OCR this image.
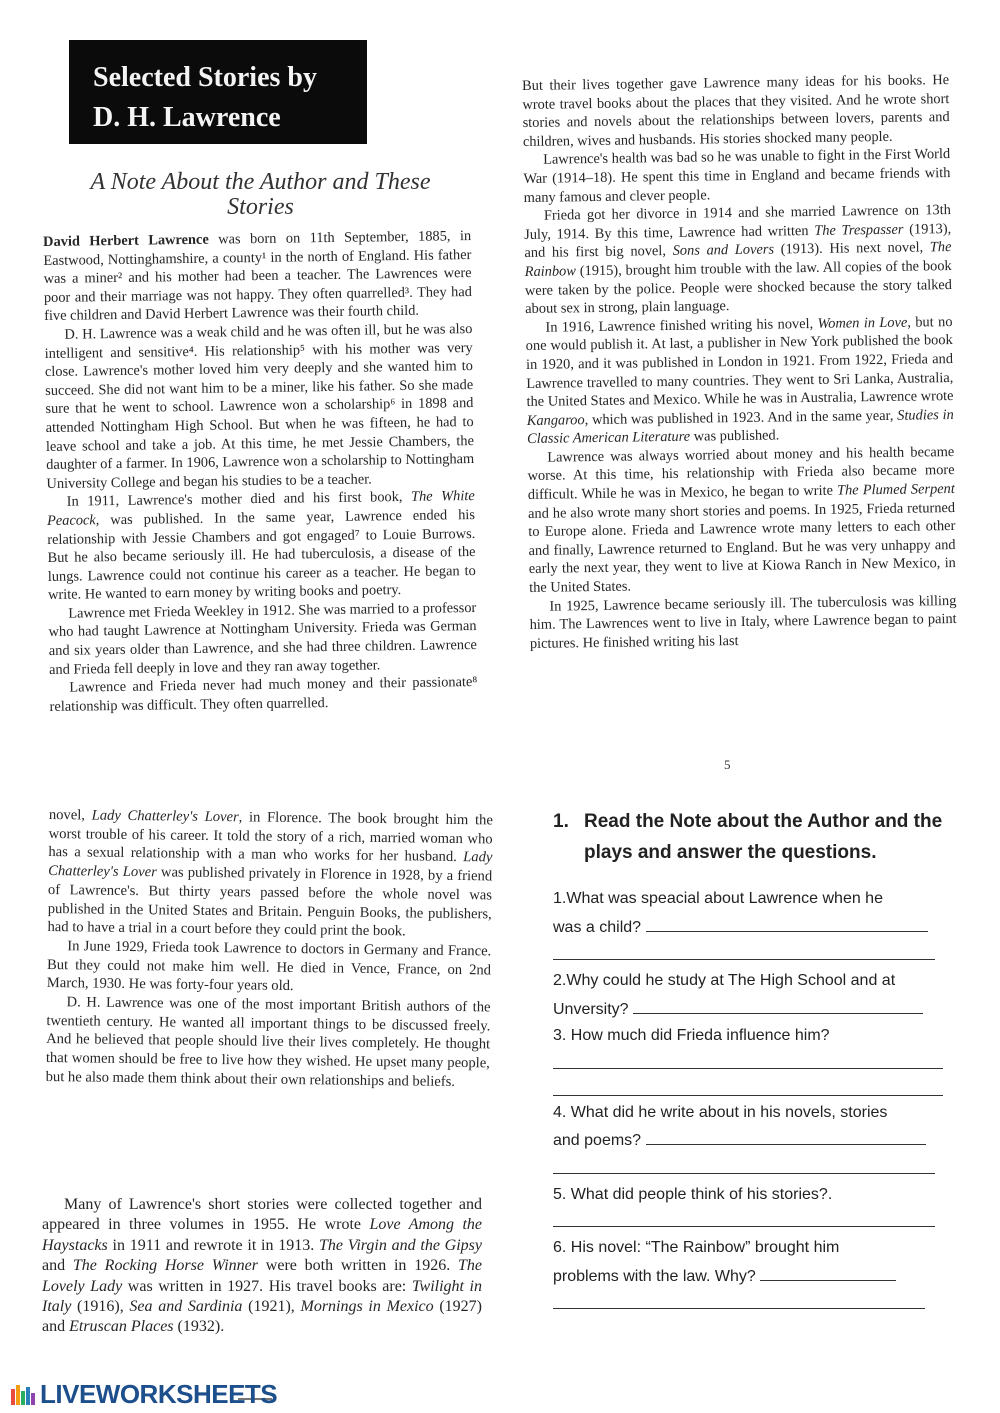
Selected Stories by
D. H. Lawrence
A Note About the Author and These
Stories

David Herbert Lawrence was born on 11th September, 1885, in Eastwood, Nottinghamshire, a county¹ in the north of England. His father was a miner² and his mother had been a teacher. The Lawrences were poor and their marriage was not happy. They often quarrelled³. They had five children and David Herbert Lawrence was their fourth child.

D. H. Lawrence was a weak child and he was often ill, but he was also intelligent and sensitive⁴. His relationship⁵ with his mother was very close. Lawrence's mother loved him very deeply and she wanted him to succeed. She did not want him to be a miner, like his father. So she made sure that he went to school. Lawrence won a scholarship⁶ in 1898 and attended Nottingham High School. But when he was fifteen, he had to leave school and take a job. At this time, he met Jessie Chambers, the daughter of a farmer. In 1906, Lawrence won a scholarship to Nottingham University College and began his studies to be a teacher.

In 1911, Lawrence's mother died and his first book, The White Peacock, was published. In the same year, Lawrence ended his relationship with Jessie Chambers and got engaged⁷ to Louie Burrows. But he also became seriously ill. He had tuberculosis, a disease of the lungs. Lawrence could not continue his career as a teacher. He began to write. He wanted to earn money by writing books and poetry.

Lawrence met Frieda Weekley in 1912. She was married to a professor who had taught Lawrence at Nottingham University. Frieda was German and six years older than Lawrence, and she had three children. Lawrence and Frieda fell deeply in love and they ran away together.

Lawrence and Frieda never had much money and their passionate⁸ relationship was difficult. They often quarrelled.

But their lives together gave Lawrence many ideas for his books. He wrote travel books about the places that they visited. And he wrote short stories and novels about the relationships between lovers, parents and children, wives and husbands. His stories shocked many people.

Lawrence's health was bad so he was unable to fight in the First World War (1914–18). He spent this time in England and became friends with many famous and clever people.

Frieda got her divorce in 1914 and she married Lawrence on 13th July, 1914. By this time, Lawrence had written The Trespasser (1913), and his first big novel, Sons and Lovers (1913). His next novel, The Rainbow (1915), brought him trouble with the law. All copies of the book were taken by the police. People were shocked because the story talked about sex in strong, plain language.

In 1916, Lawrence finished writing his novel, Women in Love, but no one would publish it. At last, a publisher in New York published the book in 1920, and it was published in London in 1921. From 1922, Frieda and Lawrence travelled to many countries. They went to Sri Lanka, Australia, the United States and Mexico. While he was in Australia, Lawrence wrote Kangaroo, which was published in 1923. And in the same year, Studies in Classic American Literature was published.

Lawrence was always worried about money and his health became worse. At this time, his relationship with Frieda also became more difficult. While he was in Mexico, he began to write The Plumed Serpent and he also wrote many short stories and poems. In 1925, Frieda returned to Europe alone. Frieda and Lawrence wrote many letters to each other and finally, Lawrence returned to England. But he was very unhappy and early the next year, they went to live at Kiowa Ranch in New Mexico, in the United States.

In 1925, Lawrence became seriously ill. The tuberculosis was killing him. The Lawrences went to live in Italy, where Lawrence began to paint pictures. He finished writing his last

5

novel, Lady Chatterley's Lover, in Florence. The book brought him the worst trouble of his career. It told the story of a rich, married woman who has a sexual relationship with a man who works for her husband. Lady Chatterley's Lover was published privately in Florence in 1928, by a friend of Lawrence's. But thirty years passed before the whole novel was published in the United States and Britain. Penguin Books, the publishers, had to have a trial in a court before they could print the book.

In June 1929, Frieda took Lawrence to doctors in Germany and France. But they could not make him well. He died in Vence, France, on 2nd March, 1930. He was forty-four years old.

D. H. Lawrence was one of the most important British authors of the twentieth century. He wanted all important things to be discussed freely. And he believed that people should live their lives completely. He thought that women should be free to live how they wished. He upset many people, but he also made them think about their own relationships and beliefs.

Many of Lawrence's short stories were collected together and appeared in three volumes in 1955. He wrote Love Among the Haystacks in 1911 and rewrote it in 1913. The Virgin and the Gipsy and The Rocking Horse Winner were both written in 1926. The Lovely Lady was written in 1927. His travel books are: Twilight in Italy (1916), Sea and Sardinia (1921), Mornings in Mexico (1927) and Etruscan Places (1932).

1. Read the Note about the Author and the plays and answer the questions.
1.What was speacial about Lawrence when he
was a child?
2.Why could he study at The High School and at
Unversity?
3. How much did Frieda influence him?
4. What did he write about in his novels, stories
and poems?
5. What did people think of his stories?.
6. His novel: “The Rainbow” brought him
problems with the law. Why?
LIVEWORKSHEETS
